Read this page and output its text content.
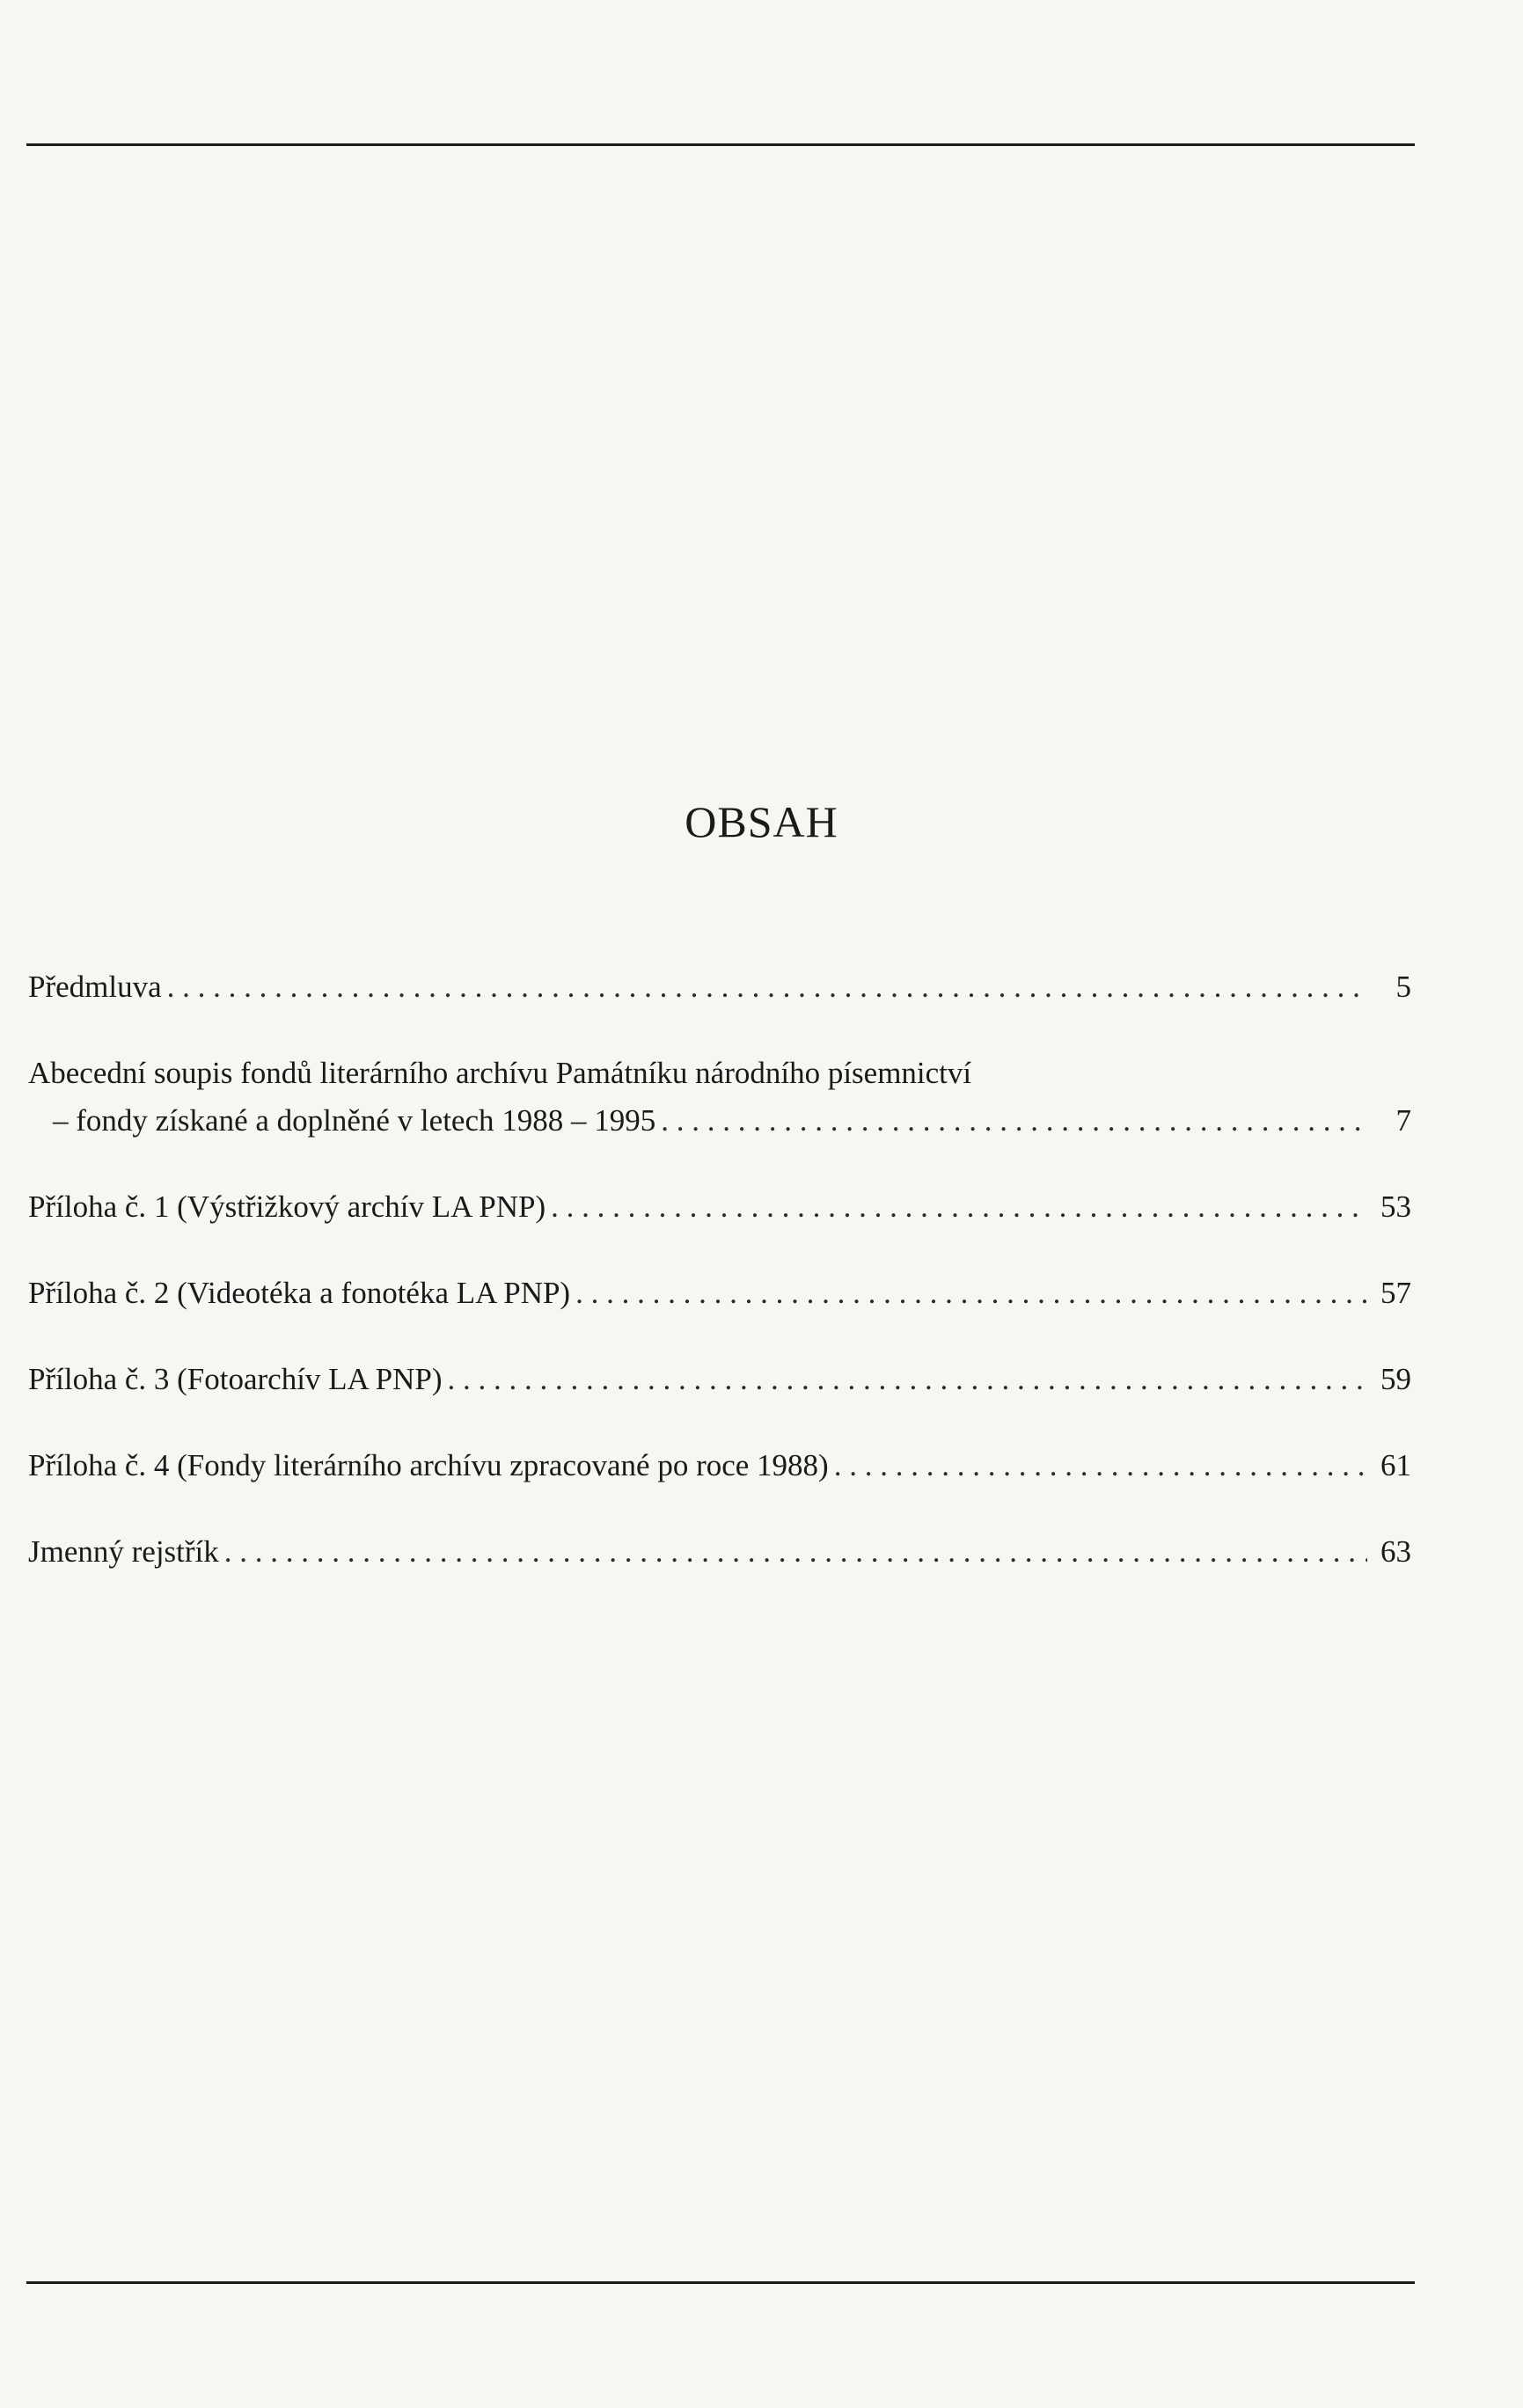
OBSAH
Předmluva . . .	5
Abecední soupis fondů literárního archívu Památníku národního písemnictví
– fondy získané a doplněné v letech 1988 – 1995 . . .	7
Příloha č. 1 (Výstřižkový archív LA PNP) . . .	53
Příloha č. 2 (Videotéka a fonotéka LA PNP) . . .	57
Příloha č. 3 (Fotoarchív LA PNP) . . .	59
Příloha č. 4 (Fondy literárního archívu zpracované po roce 1988) . . .	61
Jmenný rejstřík . . .	63
